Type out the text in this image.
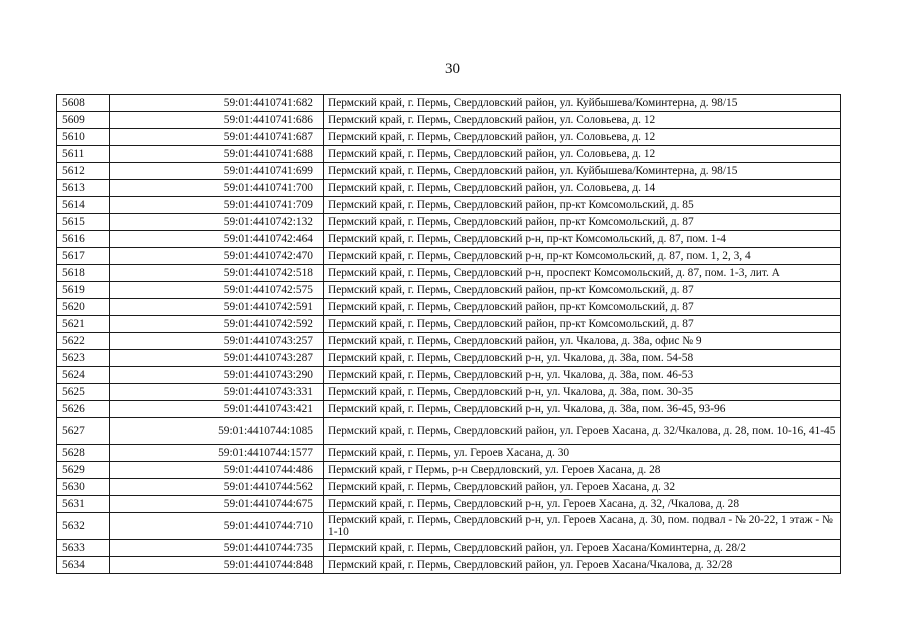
30
5608	59:01:4410741:682	Пермский край, г. Пермь, Свердловский район, ул. Куйбышева/Коминтерна, д. 98/15
5609	59:01:4410741:686	Пермский край, г. Пермь, Свердловский район, ул. Соловьева, д. 12
5610	59:01:4410741:687	Пермский край, г. Пермь, Свердловский район, ул. Соловьева, д. 12
5611	59:01:4410741:688	Пермский край, г. Пермь, Свердловский район, ул. Соловьева, д. 12
5612	59:01:4410741:699	Пермский край, г. Пермь, Свердловский район, ул. Куйбышева/Коминтерна, д. 98/15
5613	59:01:4410741:700	Пермский край, г. Пермь, Свердловский район, ул. Соловьева, д. 14
5614	59:01:4410741:709	Пермский край, г. Пермь, Свердловский район, пр-кт Комсомольский, д. 85
5615	59:01:4410742:132	Пермский край, г. Пермь, Свердловский район, пр-кт Комсомольский, д. 87
5616	59:01:4410742:464	Пермский край, г. Пермь, Свердловский р-н, пр-кт Комсомольский, д. 87, пом. 1-4
5617	59:01:4410742:470	Пермский край, г. Пермь, Свердловский р-н, пр-кт Комсомольский, д. 87, пом. 1, 2, 3, 4
5618	59:01:4410742:518	Пермский край, г. Пермь, Свердловский р-н, проспект Комсомольский, д. 87, пом. 1-3, лит. А
5619	59:01:4410742:575	Пермский край, г. Пермь, Свердловский район, пр-кт Комсомольский, д. 87
5620	59:01:4410742:591	Пермский край, г. Пермь, Свердловский район, пр-кт Комсомольский, д. 87
5621	59:01:4410742:592	Пермский край, г. Пермь, Свердловский район, пр-кт Комсомольский, д. 87
5622	59:01:4410743:257	Пермский край, г. Пермь, Свердловский район, ул. Чкалова, д. 38а, офис № 9
5623	59:01:4410743:287	Пермский край, г. Пермь, Свердловский р-н, ул. Чкалова, д. 38а, пом. 54-58
5624	59:01:4410743:290	Пермский край, г. Пермь, Свердловский р-н, ул. Чкалова, д. 38а, пом. 46-53
5625	59:01:4410743:331	Пермский край, г. Пермь, Свердловский р-н, ул. Чкалова, д. 38а, пом. 30-35
5626	59:01:4410743:421	Пермский край, г. Пермь, Свердловский р-н, ул. Чкалова, д. 38а, пом. 36-45, 93-96
5627	59:01:4410744:1085	Пермский край, г. Пермь, Свердловский район, ул. Героев Хасана, д. 32/Чкалова, д. 28, пом. 10-16, 41-45
5628	59:01:4410744:1577	Пермский край, г. Пермь, ул. Героев Хасана, д. 30
5629	59:01:4410744:486	Пермский край, г Пермь, р-н Свердловский, ул. Героев Хасана, д. 28
5630	59:01:4410744:562	Пермский край, г. Пермь, Свердловский район, ул. Героев Хасана, д. 32
5631	59:01:4410744:675	Пермский край, г. Пермь, Свердловский р-н, ул. Героев Хасана, д. 32, /Чкалова, д. 28
5632	59:01:4410744:710	Пермский край, г. Пермь, Свердловский р-н, ул. Героев Хасана, д. 30, пом. подвал - № 20-22, 1 этаж - № 1-10
5633	59:01:4410744:735	Пермский край, г. Пермь, Свердловский район, ул. Героев Хасана/Коминтерна, д. 28/2
5634	59:01:4410744:848	Пермский край, г. Пермь, Свердловский район, ул. Героев Хасана/Чкалова, д. 32/28
